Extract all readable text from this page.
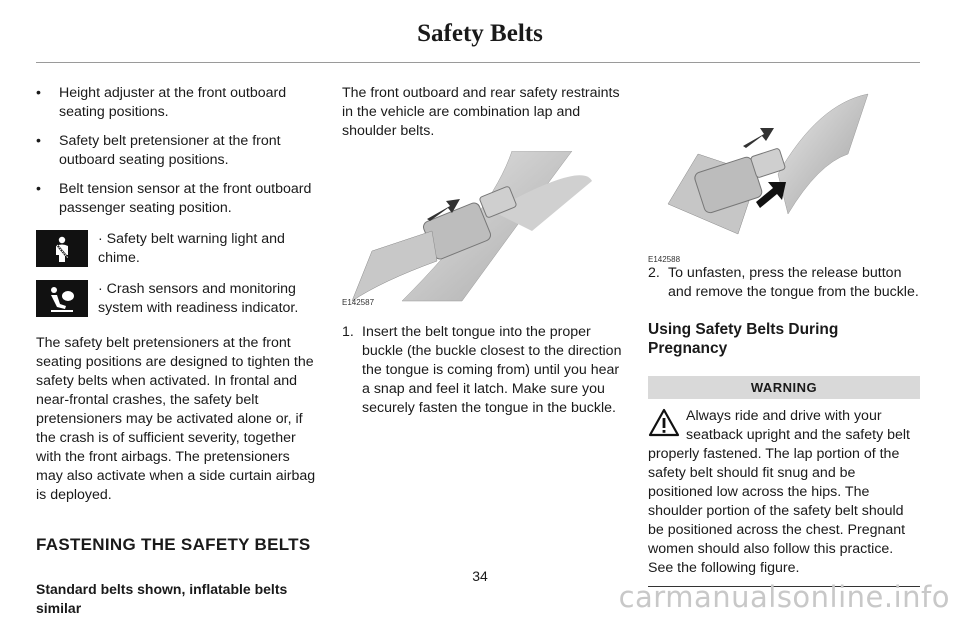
Safety Belts
• Height adjuster at the front outboard seating positions.
• Safety belt pretensioner at the front outboard seating positions.
• Belt tension sensor at the front outboard passenger seating position.
· Safety belt warning light and chime.
· Crash sensors and monitoring system with readiness indicator.

The safety belt pretensioners at the front seating positions are designed to tighten the safety belts when activated. In frontal and near-frontal crashes, the safety belt pretensioners may be activated alone or, if the crash is of sufficient severity, together with the front airbags. The pretensioners may also activate when a side curtain airbag is deployed.

FASTENING THE SAFETY BELTS
Standard belts shown, inflatable belts similar
The front outboard and rear safety restraints in the vehicle are combination lap and shoulder belts.
E142587
1. Insert the belt tongue into the proper buckle (the buckle closest to the direction the tongue is coming from) until you hear a snap and feel it latch. Make sure you securely fasten the tongue in the buckle.
E142588
2. To unfasten, press the release button and remove the tongue from the buckle.
Using Safety Belts During Pregnancy
WARNING
Always ride and drive with your seatback upright and the safety belt properly fastened. The lap portion of the safety belt should fit snug and be positioned low across the hips. The shoulder portion of the safety belt should be positioned across the chest. Pregnant women should also follow this practice. See the following figure.
34
carmanualsonline.info
